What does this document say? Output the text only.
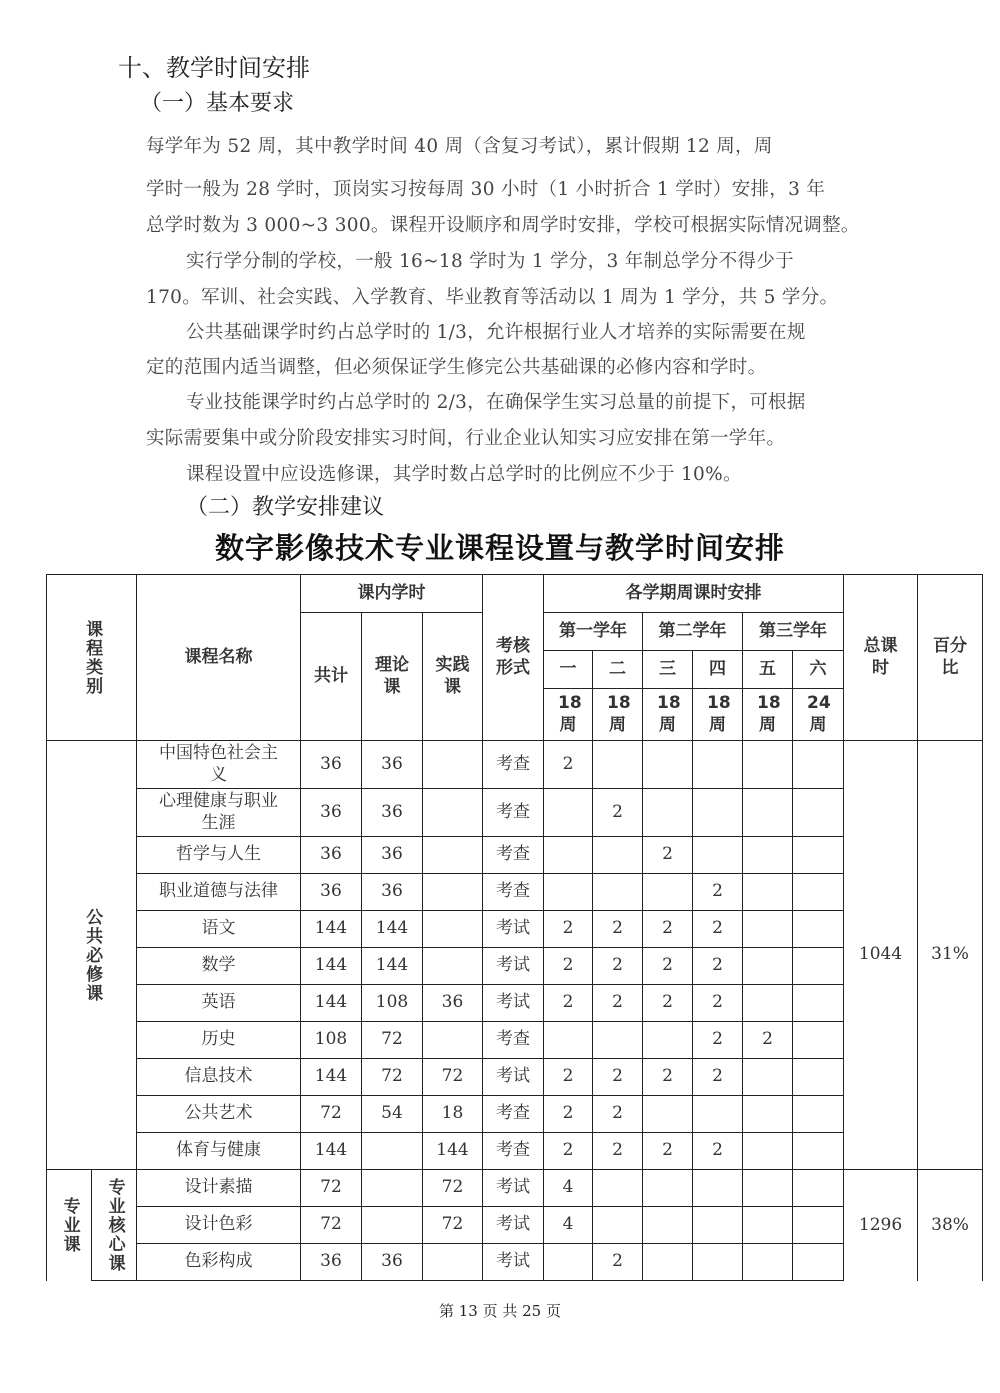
十、教学时间安排
（一）基本要求
每学年为 52 周，其中教学时间 40 周（含复习考试），累计假期 12 周，周
学时一般为 28 学时，顶岗实习按每周 30 小时（1 小时折合 1 学时）安排，3 年
总学时数为 3 000~3 300。课程开设顺序和周学时安排，学校可根据实际情况调整。
实行学分制的学校，一般 16~18 学时为 1 学分，3 年制总学分不得少于
170。军训、社会实践、入学教育、毕业教育等活动以 1 周为 1 学分，共 5 学分。
公共基础课学时约占总学时的 1/3，允许根据行业人才培养的实际需要在规
定的范围内适当调整，但必须保证学生修完公共基础课的必修内容和学时。
专业技能课学时约占总学时的 2/3，在确保学生实习总量的前提下，可根据
实际需要集中或分阶段安排实习时间，行业企业认知实习应安排在第一学年。
课程设置中应设选修课，其学时数占总学时的比例应不少于 10%。
（二）教学安排建议
数字影像技术专业课程设置与教学时间安排
课程类别		课程名称	课内学时			考核形式	各学期周课时安排						总课时	百分比
			共计	理论课	实践课		第一学年		第二学年		第三学年			
							一	二	三	四	五	六		
							18周	18周	18周	18周	18周	24周		

公共必修课		中国特色社会主义	36	36		考查	2						1044	31%
		心理健康与职业生涯	36	36		考查		2						
		哲学与人生	36	36		考查			2					
		职业道德与法律	36	36		考查				2				
		语文	144	144		考试	2	2	2	2				
		数学	144	144		考试	2	2	2	2				
		英语	144	108	36	考试	2	2	2	2				
		历史	108	72		考查				2	2			
		信息技术	144	72	72	考试	2	2	2	2				
		公共艺术	72	54	18	考查	2	2						
		体育与健康	144		144	考查	2	2	2	2				

专业课	专业核心课	设计素描	72		72	考试	4						1296	38%
		设计色彩	72		72	考试	4							
		色彩构成	36	36		考试		2						
第 13 页 共 25 页
